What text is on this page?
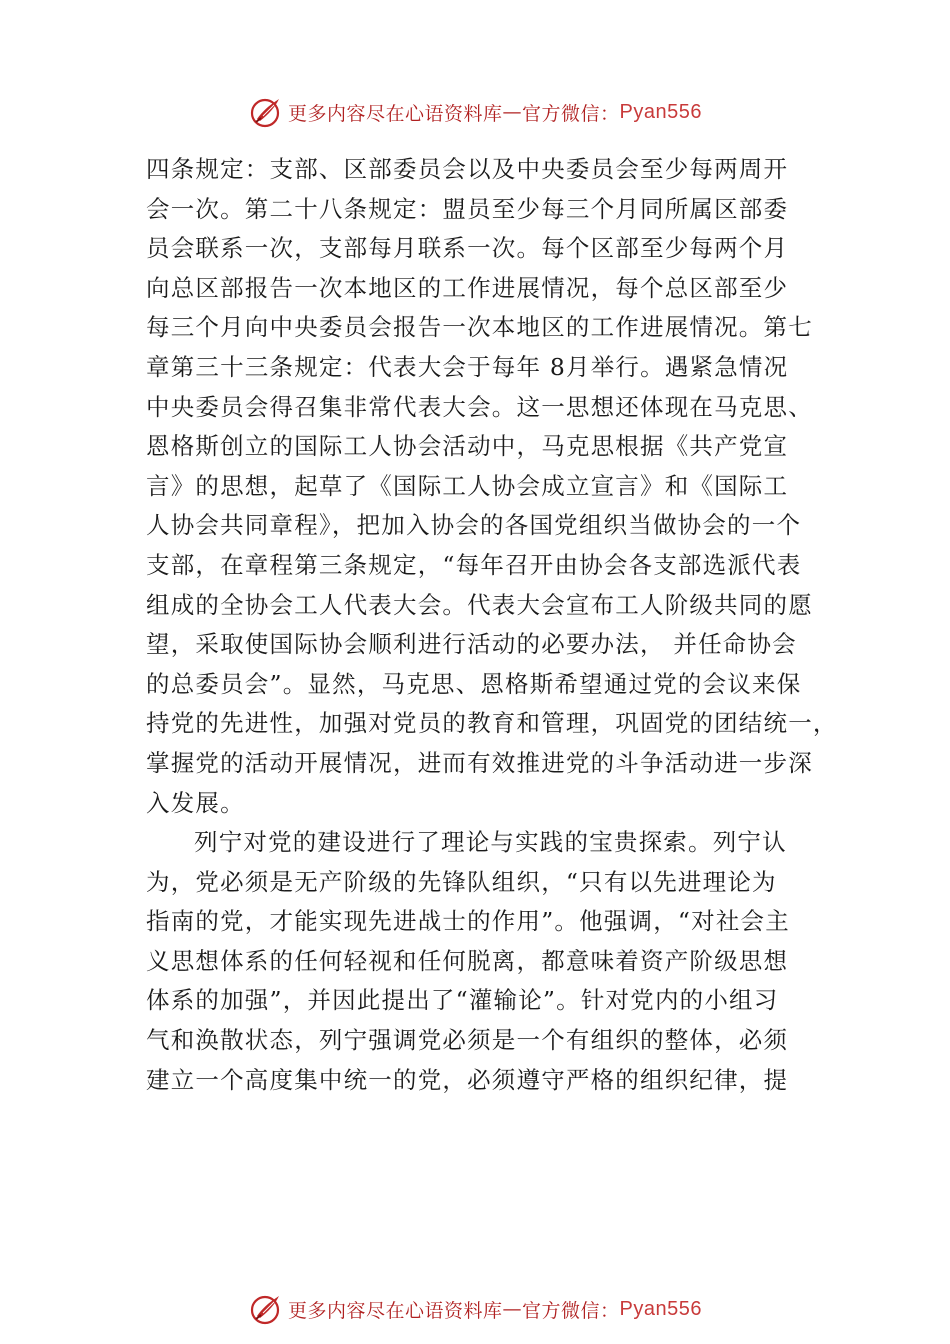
更多内容尽在心语资料库 — 官方微信： Pyan556
四条规定：支部、区部委员会以及中央委员会至少每两周开
会一次。第二十八条规定：盟员至少每三个月同所属区部委
员会联系一次，支部每月联系一次。每个区部至少每两个月
向总区部报告一次本地区的工作进展情况，每个总区部至少
每三个月向中央委员会报告一次本地区的工作进展情况。第七
章第三十三条规定：代表大会于每年 8月举行。遇紧急情况
中央委员会得召集非常代表大会。这一思想还体现在马克思、
恩格斯创立的国际工人协会活动中，马克思根据《共产党宣
言》的思想，起草了《国际工人协会成立宣言》和《国际工
人协会共同章程》，把加入协会的各国党组织当做协会的一个
支部，在章程第三条规定，“每年召开由协会各支部选派代表
组成的全协会工人代表大会。代表大会宣布工人阶级共同的愿
望，采取使国际协会顺利进行活动的必要办法， 并任命协会
的总委员会”。显然，马克思、恩格斯希望通过党的会议来保
持党的先进性，加强对党员的教育和管理，巩固党的团结统一，
掌握党的活动开展情况，进而有效推进党的斗争活动进一步深
入发展。
列宁对党的建设进行了理论与实践的宝贵探索。列宁认
为，党必须是无产阶级的先锋队组织，“只有以先进理论为
指南的党，才能实现先进战士的作用”。他强调，“对社会主
义思想体系的任何轻视和任何脱离，都意味着资产阶级思想
体系的加强”，并因此提出了“灌输论”。针对党内的小组习
气和涣散状态，列宁强调党必须是一个有组织的整体，必须
建立一个高度集中统一的党，必须遵守严格的组织纪律，提
更多内容尽在心语资料库 — 官方微信： Pyan556
